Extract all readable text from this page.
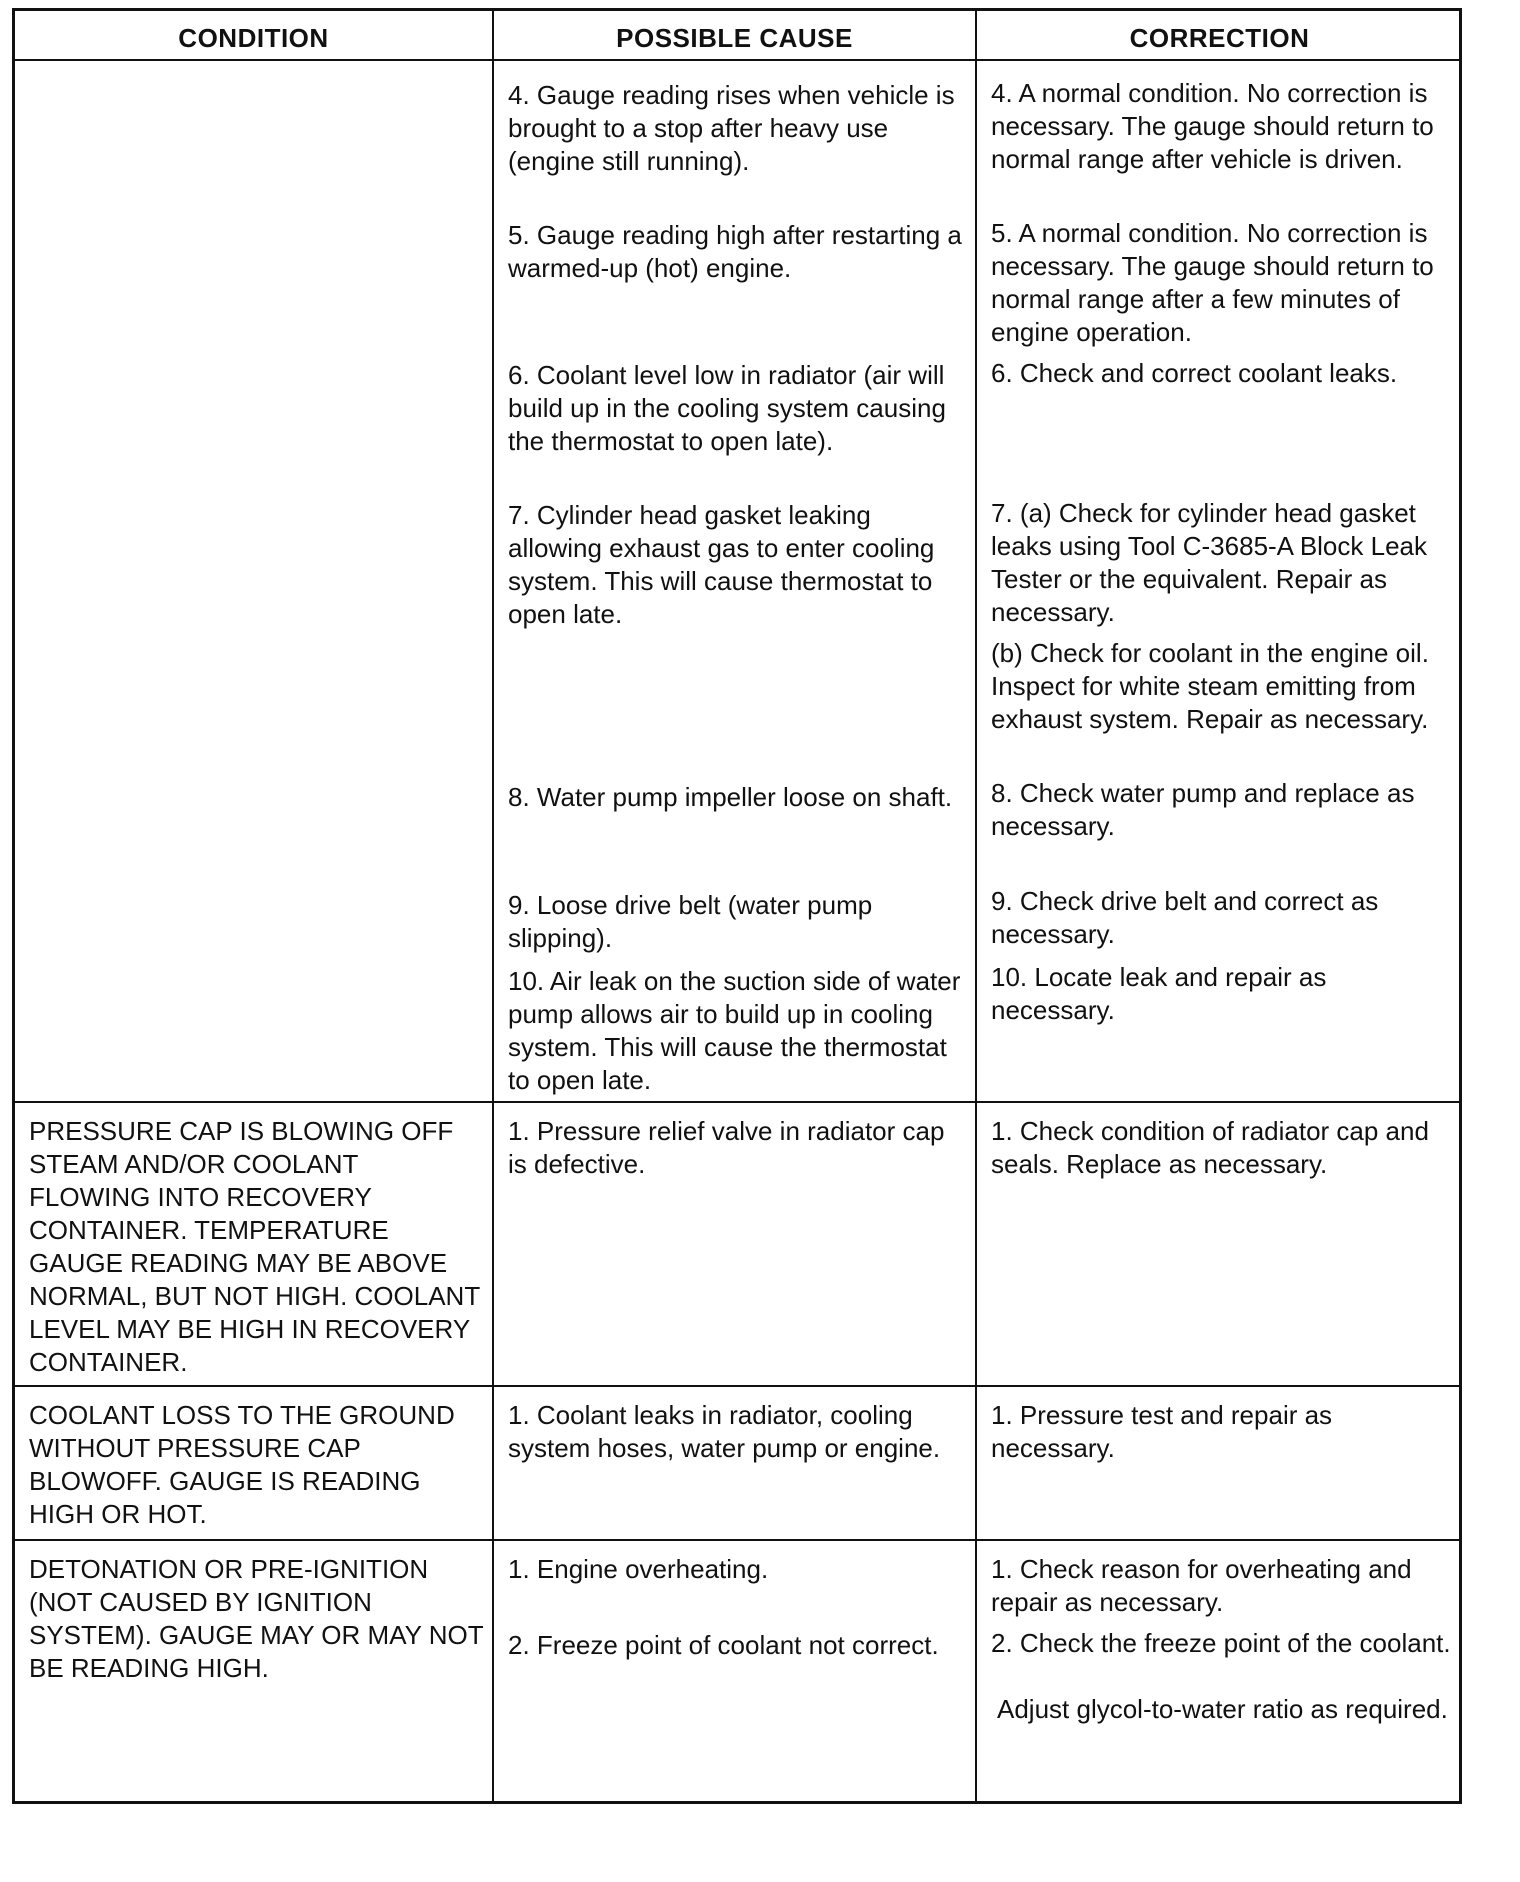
CONDITION	POSSIBLE CAUSE	CORRECTION
4. Gauge reading rises when vehicle is brought to a stop after heavy use (engine still running).
5. Gauge reading high after restarting a warmed-up (hot) engine.
6. Coolant level low in radiator (air will build up in the cooling system causing the thermostat to open late).
7. Cylinder head gasket leaking allowing exhaust gas to enter cooling system. This will cause thermostat to open late.
8. Water pump impeller loose on shaft.
9. Loose drive belt (water pump slipping).
10. Air leak on the suction side of water pump allows air to build up in cooling system. This will cause the thermostat to open late.
4. A normal condition. No correction is necessary. The gauge should return to normal range after vehicle is driven.
5. A normal condition. No correction is necessary. The gauge should return to normal range after a few minutes of engine operation.
6. Check and correct coolant leaks.
7. (a) Check for cylinder head gasket leaks using Tool C-3685-A Block Leak Tester or the equivalent. Repair as necessary.
(b) Check for coolant in the engine oil. Inspect for white steam emitting from exhaust system. Repair as necessary.
8. Check water pump and replace as necessary.
9. Check drive belt and correct as necessary.
10. Locate leak and repair as necessary.
PRESSURE CAP IS BLOWING OFF STEAM AND/OR COOLANT FLOWING INTO RECOVERY CONTAINER. TEMPERATURE GAUGE READING MAY BE ABOVE NORMAL, BUT NOT HIGH. COOLANT LEVEL MAY BE HIGH IN RECOVERY CONTAINER.
1. Pressure relief valve in radiator cap is defective.
1. Check condition of radiator cap and seals. Replace as necessary.
COOLANT LOSS TO THE GROUND WITHOUT PRESSURE CAP BLOWOFF. GAUGE IS READING HIGH OR HOT.
1. Coolant leaks in radiator, cooling system hoses, water pump or engine.
1. Pressure test and repair as necessary.
DETONATION OR PRE-IGNITION (NOT CAUSED BY IGNITION SYSTEM). GAUGE MAY OR MAY NOT BE READING HIGH.
1. Engine overheating.
2. Freeze point of coolant not correct.
1. Check reason for overheating and repair as necessary.
2. Check the freeze point of the coolant.
Adjust glycol-to-water ratio as required.
